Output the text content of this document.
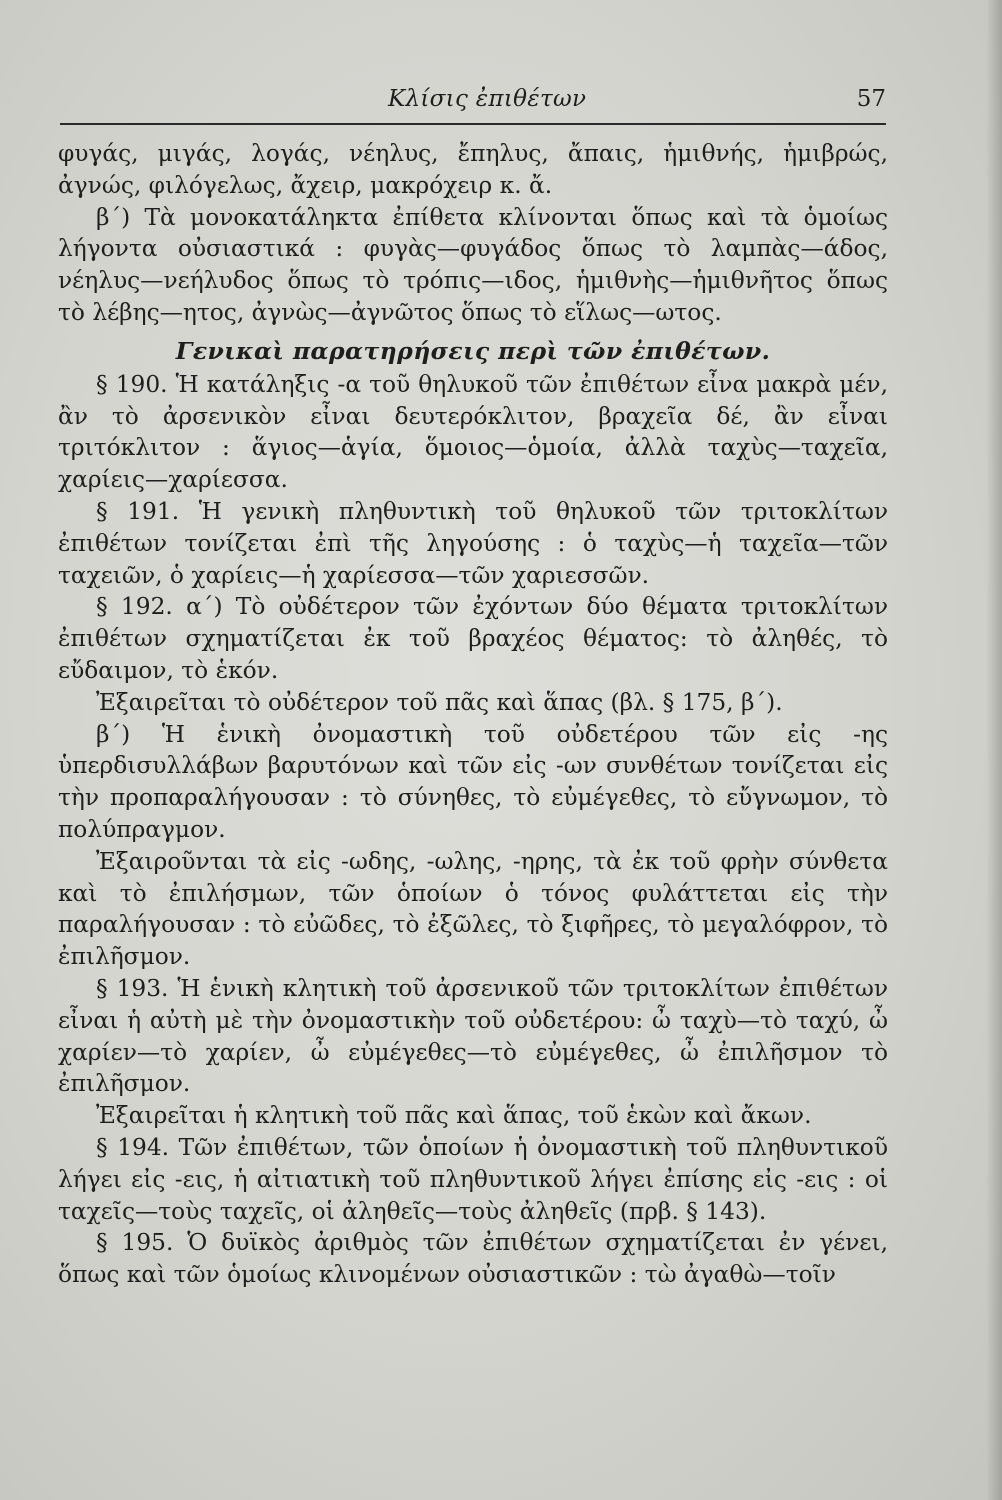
Κλίσις ἐπιθέτων	57

φυγάς, μιγάς, λογάς, νέηλυς, ἔπηλυς, ἄπαις, ἡμιθνής, ἡμιβρώς, ἀγνώς, φιλόγελως, ἄχειρ, μακρόχειρ κ. ἄ.

β΄) Τὰ μονοκατάληκτα ἐπίθετα κλίνονται ὅπως καὶ τὰ ὁμοίως λήγοντα οὐσιαστικά : φυγὰς—φυγάδος ὅπως τὸ λαμπὰς—άδος, νέηλυς—νεήλυδος ὅπως τὸ τρόπις—ιδος, ἡμιθνὴς—ἡμιθνῆτος ὅπως τὸ λέβης—ητος, ἀγνὼς—ἀγνῶτος ὅπως τὸ εἵλως—ωτος.

Γενικαὶ παρατηρήσεις περὶ τῶν ἐπιθέτων.

§ 190. Ἡ κατάληξις -α τοῦ θηλυκοῦ τῶν ἐπιθέτων εἶνα μακρὰ μέν, ἂν τὸ ἀρσενικὸν εἶναι δευτερόκλιτον, βραχεῖα δέ, ἂν εἶναι τριτόκλιτον : ἅγιος—ἁγία, ὅμοιος—ὁμοία, ἀλλὰ ταχὺς—ταχεῖα, χαρίεις—χαρίεσσα.

§ 191. Ἡ γενικὴ πληθυντικὴ τοῦ θηλυκοῦ τῶν τριτοκλίτων ἐπιθέτων τονίζεται ἐπὶ τῆς ληγούσης : ὁ ταχὺς—ἡ ταχεῖα—τῶν ταχειῶν, ὁ χαρίεις—ἡ χαρίεσσα—τῶν χαριεσσῶν.

§ 192. α΄) Τὸ οὐδέτερον τῶν ἐχόντων δύο θέματα τριτοκλίτων ἐπιθέτων σχηματίζεται ἐκ τοῦ βραχέος θέματος: τὸ ἀληθές, τὸ εὔδαιμον, τὸ ἑκόν.

Ἐξαιρεῖται τὸ οὐδέτερον τοῦ πᾶς καὶ ἅπας (βλ. § 175, β΄).

β΄) Ἡ ἑνικὴ ὀνομαστικὴ τοῦ οὐδετέρου τῶν εἰς -ης ὑπερδισυλλάβων βαρυτόνων καὶ τῶν εἰς -ων συνθέτων τονίζεται εἰς τὴν προπαραλήγουσαν : τὸ σύνηθες, τὸ εὐμέγεθες, τὸ εὔγνωμον, τὸ πολύπραγμον.

Ἐξαιροῦνται τὰ εἰς -ωδης, -ωλης, -ηρης, τὰ ἐκ τοῦ φρὴν σύνθετα καὶ τὸ ἐπιλήσμων, τῶν ὁποίων ὁ τόνος φυλάττεται εἰς τὴν παραλήγουσαν : τὸ εὐῶδες, τὸ ἐξῶλες, τὸ ξιφῆρες, τὸ μεγαλόφρον, τὸ ἐπιλῆσμον.

§ 193. Ἡ ἑνικὴ κλητικὴ τοῦ ἀρσενικοῦ τῶν τριτοκλίτων ἐπιθέτων εἶναι ἡ αὐτὴ μὲ τὴν ὀνομαστικὴν τοῦ οὐδετέρου: ὦ ταχὺ—τὸ ταχύ, ὦ χαρίεν—τὸ χαρίεν, ὦ εὐμέγεθες—τὸ εὐμέγεθες, ὦ ἐπιλῆσμον τὸ ἐπιλῆσμον.

Ἐξαιρεῖται ἡ κλητικὴ τοῦ πᾶς καὶ ἅπας, τοῦ ἑκὼν καὶ ἄκων.

§ 194. Τῶν ἐπιθέτων, τῶν ὁποίων ἡ ὀνομαστικὴ τοῦ πληθυντικοῦ λήγει εἰς -εις, ἡ αἰτιατικὴ τοῦ πληθυντικοῦ λήγει ἐπίσης εἰς -εις : οἱ ταχεῖς—τοὺς ταχεῖς, οἱ ἀληθεῖς—τοὺς ἀληθεῖς (πρβ. § 143).

§ 195. Ὁ δυϊκὸς ἀριθμὸς τῶν ἐπιθέτων σχηματίζεται ἐν γένει, ὅπως καὶ τῶν ὁμοίως κλινομένων οὐσιαστικῶν : τὼ ἀγαθὼ—τοῖν
